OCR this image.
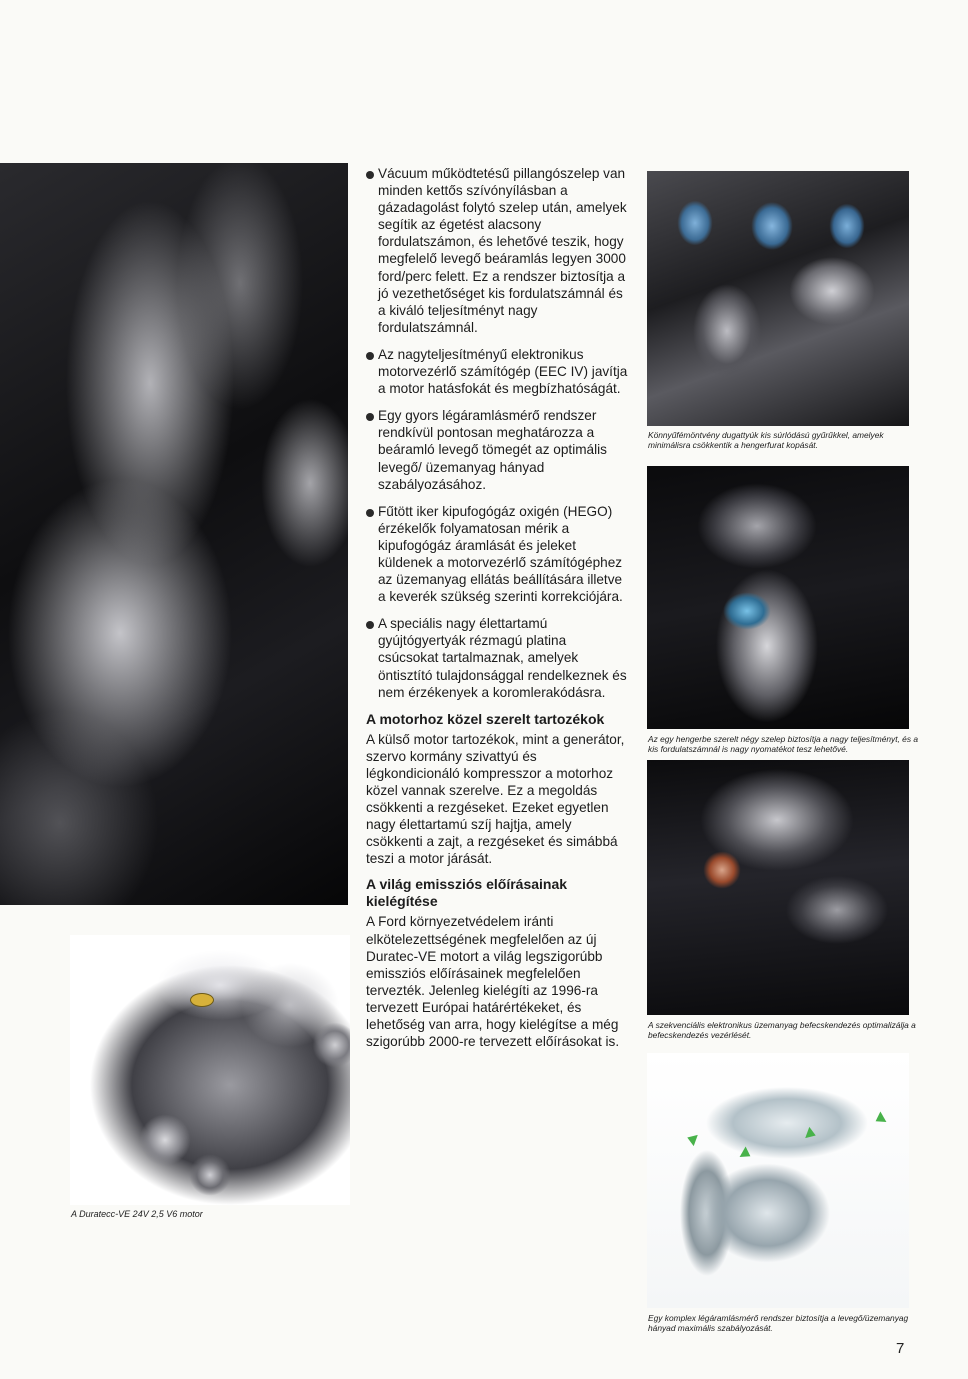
A Duratecc-VE 24V 2,5 V6 motor
Vácuum működtetésű pillangószelep van minden kettős szívónyílásban a gázadagolást folytó szelep után, amelyek segítik az égetést alacsony fordulatszámon, és lehetővé teszik, hogy megfelelő levegő beáramlás legyen 3000 ford/perc felett. Ez a rendszer biztosítja a jó vezethetőséget kis fordulatszámnál és a kiváló teljesítményt nagy fordulatszámnál.
Az nagyteljesítményű elektronikus motorvezérlő számítógép (EEC IV) javítja a motor hatásfokát és megbízhatóságát.
Egy gyors légáramlásmérő rendszer rendkívül pontosan meghatározza a beáramló levegő tömegét az optimális levegő/ üzemanyag hányad szabályozásához.
Fűtött iker kipufogógáz oxigén (HEGO) érzékelők folyamatosan mérik a kipufogógáz áramlását és jeleket küldenek a motorvezérlő számítógéphez az üzemanyag ellátás beállítására illetve a keverék szükség szerinti korrekciójára.
A speciális nagy élettartamú gyújtógyertyák rézmagú platina csúcsokat tartalmaznak, amelyek öntisztító tulajdonsággal rendelkeznek és nem érzékenyek a koromlerakódásra.
A motorhoz közel szerelt tartozékok
A külső motor tartozékok, mint a generátor, szervo kormány szivattyú és légkondicionáló kompresszor a motorhoz közel vannak szerelve. Ez a megoldás csökkenti a rezgéseket. Ezeket egyetlen nagy élettartamú szíj hajtja, amely csökkenti a zajt, a rezgéseket és simábbá teszi a motor járását.
A világ emissziós előírásainak kielégítése
A Ford környezetvédelem iránti elkötelezettségének megfelelően az új Duratec-VE motort a világ legszigorúbb emissziós előírásainek megfelelően tervezték. Jelenleg kielégíti az 1996-ra tervezett Európai határértékeket, és lehetőség van arra, hogy kielégítse a még szigorúbb 2000-re tervezett előírásokat is.
Könnyűfémöntvény dugattyúk kis súrlódású gyűrűkkel, amelyek minimálisra csökkentik a hengerfurat kopását.
Az egy hengerbe szerelt négy szelep biztosítja a nagy teljesítményt, és a kis fordulatszámnál is nagy nyomatékot tesz lehetővé.
A szekvenciális elektronikus üzemanyag befecskendezés optimalizálja a befecskendezés vezérlését.
Egy komplex légáramlásmérő rendszer biztosítja a levegő/üzemanyag hányad maximális szabályozását.
7
